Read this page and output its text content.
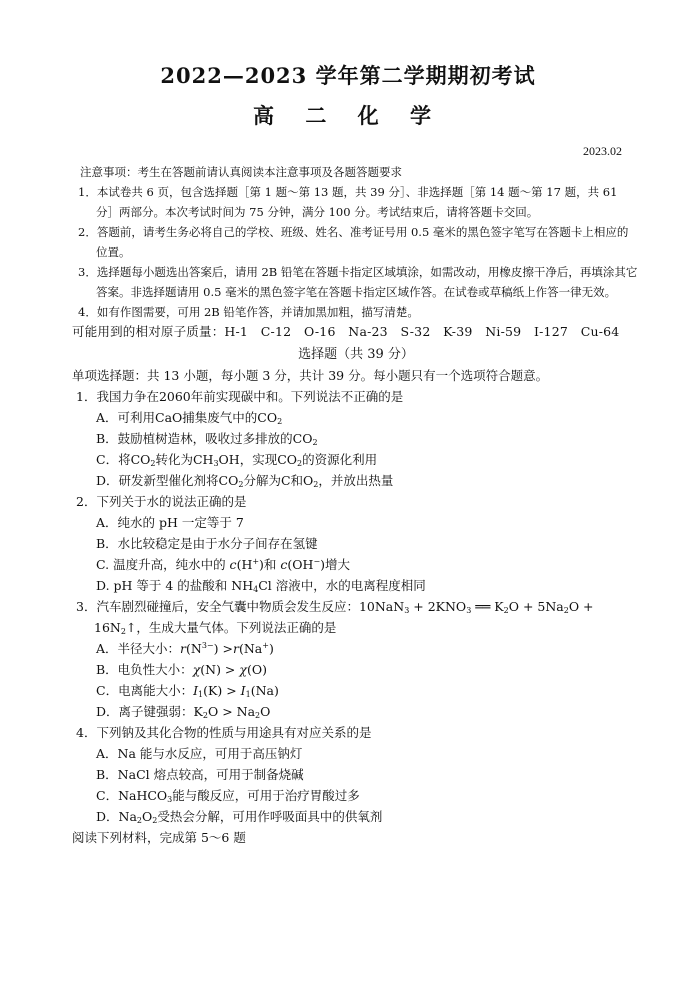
2022—2023 学年第二学期期初考试
高 二 化 学
2023.02
注意事项：考生在答题前请认真阅读本注意事项及各题答题要求
1．本试卷共 6 页，包含选择题［第 1 题～第 13 题，共 39 分］、非选择题［第 14 题～第 17 题，共 61 分］两部分。本次考试时间为 75 分钟，满分 100 分。考试结束后，请将答题卡交回。
2．答题前，请考生务必将自己的学校、班级、姓名、准考证号用 0.5 毫米的黑色签字笔写在答题卡上相应的位置。
3．选择题每小题选出答案后，请用 2B 铅笔在答题卡指定区域填涂，如需改动，用橡皮擦干净后，再填涂其它答案。非选择题请用 0.5 毫米的黑色签字笔在答题卡指定区域作答。在试卷或草稿纸上作答一律无效。
4．如有作图需要，可用 2B 铅笔作答，并请加黑加粗，描写清楚。
可能用到的相对原子质量：H-1　C-12　O-16　Na-23　S-32　K-39　Ni-59　I-127　Cu-64
选择题（共 39 分）
单项选择题：共 13 小题，每小题 3 分，共计 39 分。每小题只有一个选项符合题意。
1．我国力争在2060年前实现碳中和。下列说法不正确的是
A．可利用CaO捕集废气中的$CO_2$
B．鼓励植树造林，吸收过多排放的$CO_2$
C．将$CO_2$转化为$CH_3OH$，实现$CO_2$的资源化利用
D．研发新型催化剂将$CO_2$分解为C和$O_2$，并放出热量
2．下列关于水的说法正确的是
A．纯水的 pH 一定等于 7
B．水比较稳定是由于水分子间存在氢键
C. 温度升高，纯水中的 c(H+)和 c(OH−)增大
D. pH 等于 4 的盐酸和 $NH_4Cl$ 溶液中，水的电离程度相同
3．汽车剧烈碰撞后，安全气囊中物质会发生反应：$10NaN_3 + 2KNO_3$ ══ $K_2O + 5Na_2O$ + $16N_2↑$，生成大量气体。下列说法正确的是
A．半径大小：$r(N^{3-}) >r(Na^+)$
B．电负性大小：χ(N) > χ(O)
C．电离能大小：$I_1(K) > I_1(Na)$
D．离子键强弱：$K_2O > Na_2O$
4．下列钠及其化合物的性质与用途具有对应关系的是
A．Na 能与水反应，可用于高压钠灯
B．NaCl 熔点较高，可用于制备烧碱
C．NaHCO$_3$能与酸反应，可用于治疗胃酸过多
D．$Na_2O_2$受热会分解，可用作呼吸面具中的供氧剂
阅读下列材料，完成第 5～6 题
